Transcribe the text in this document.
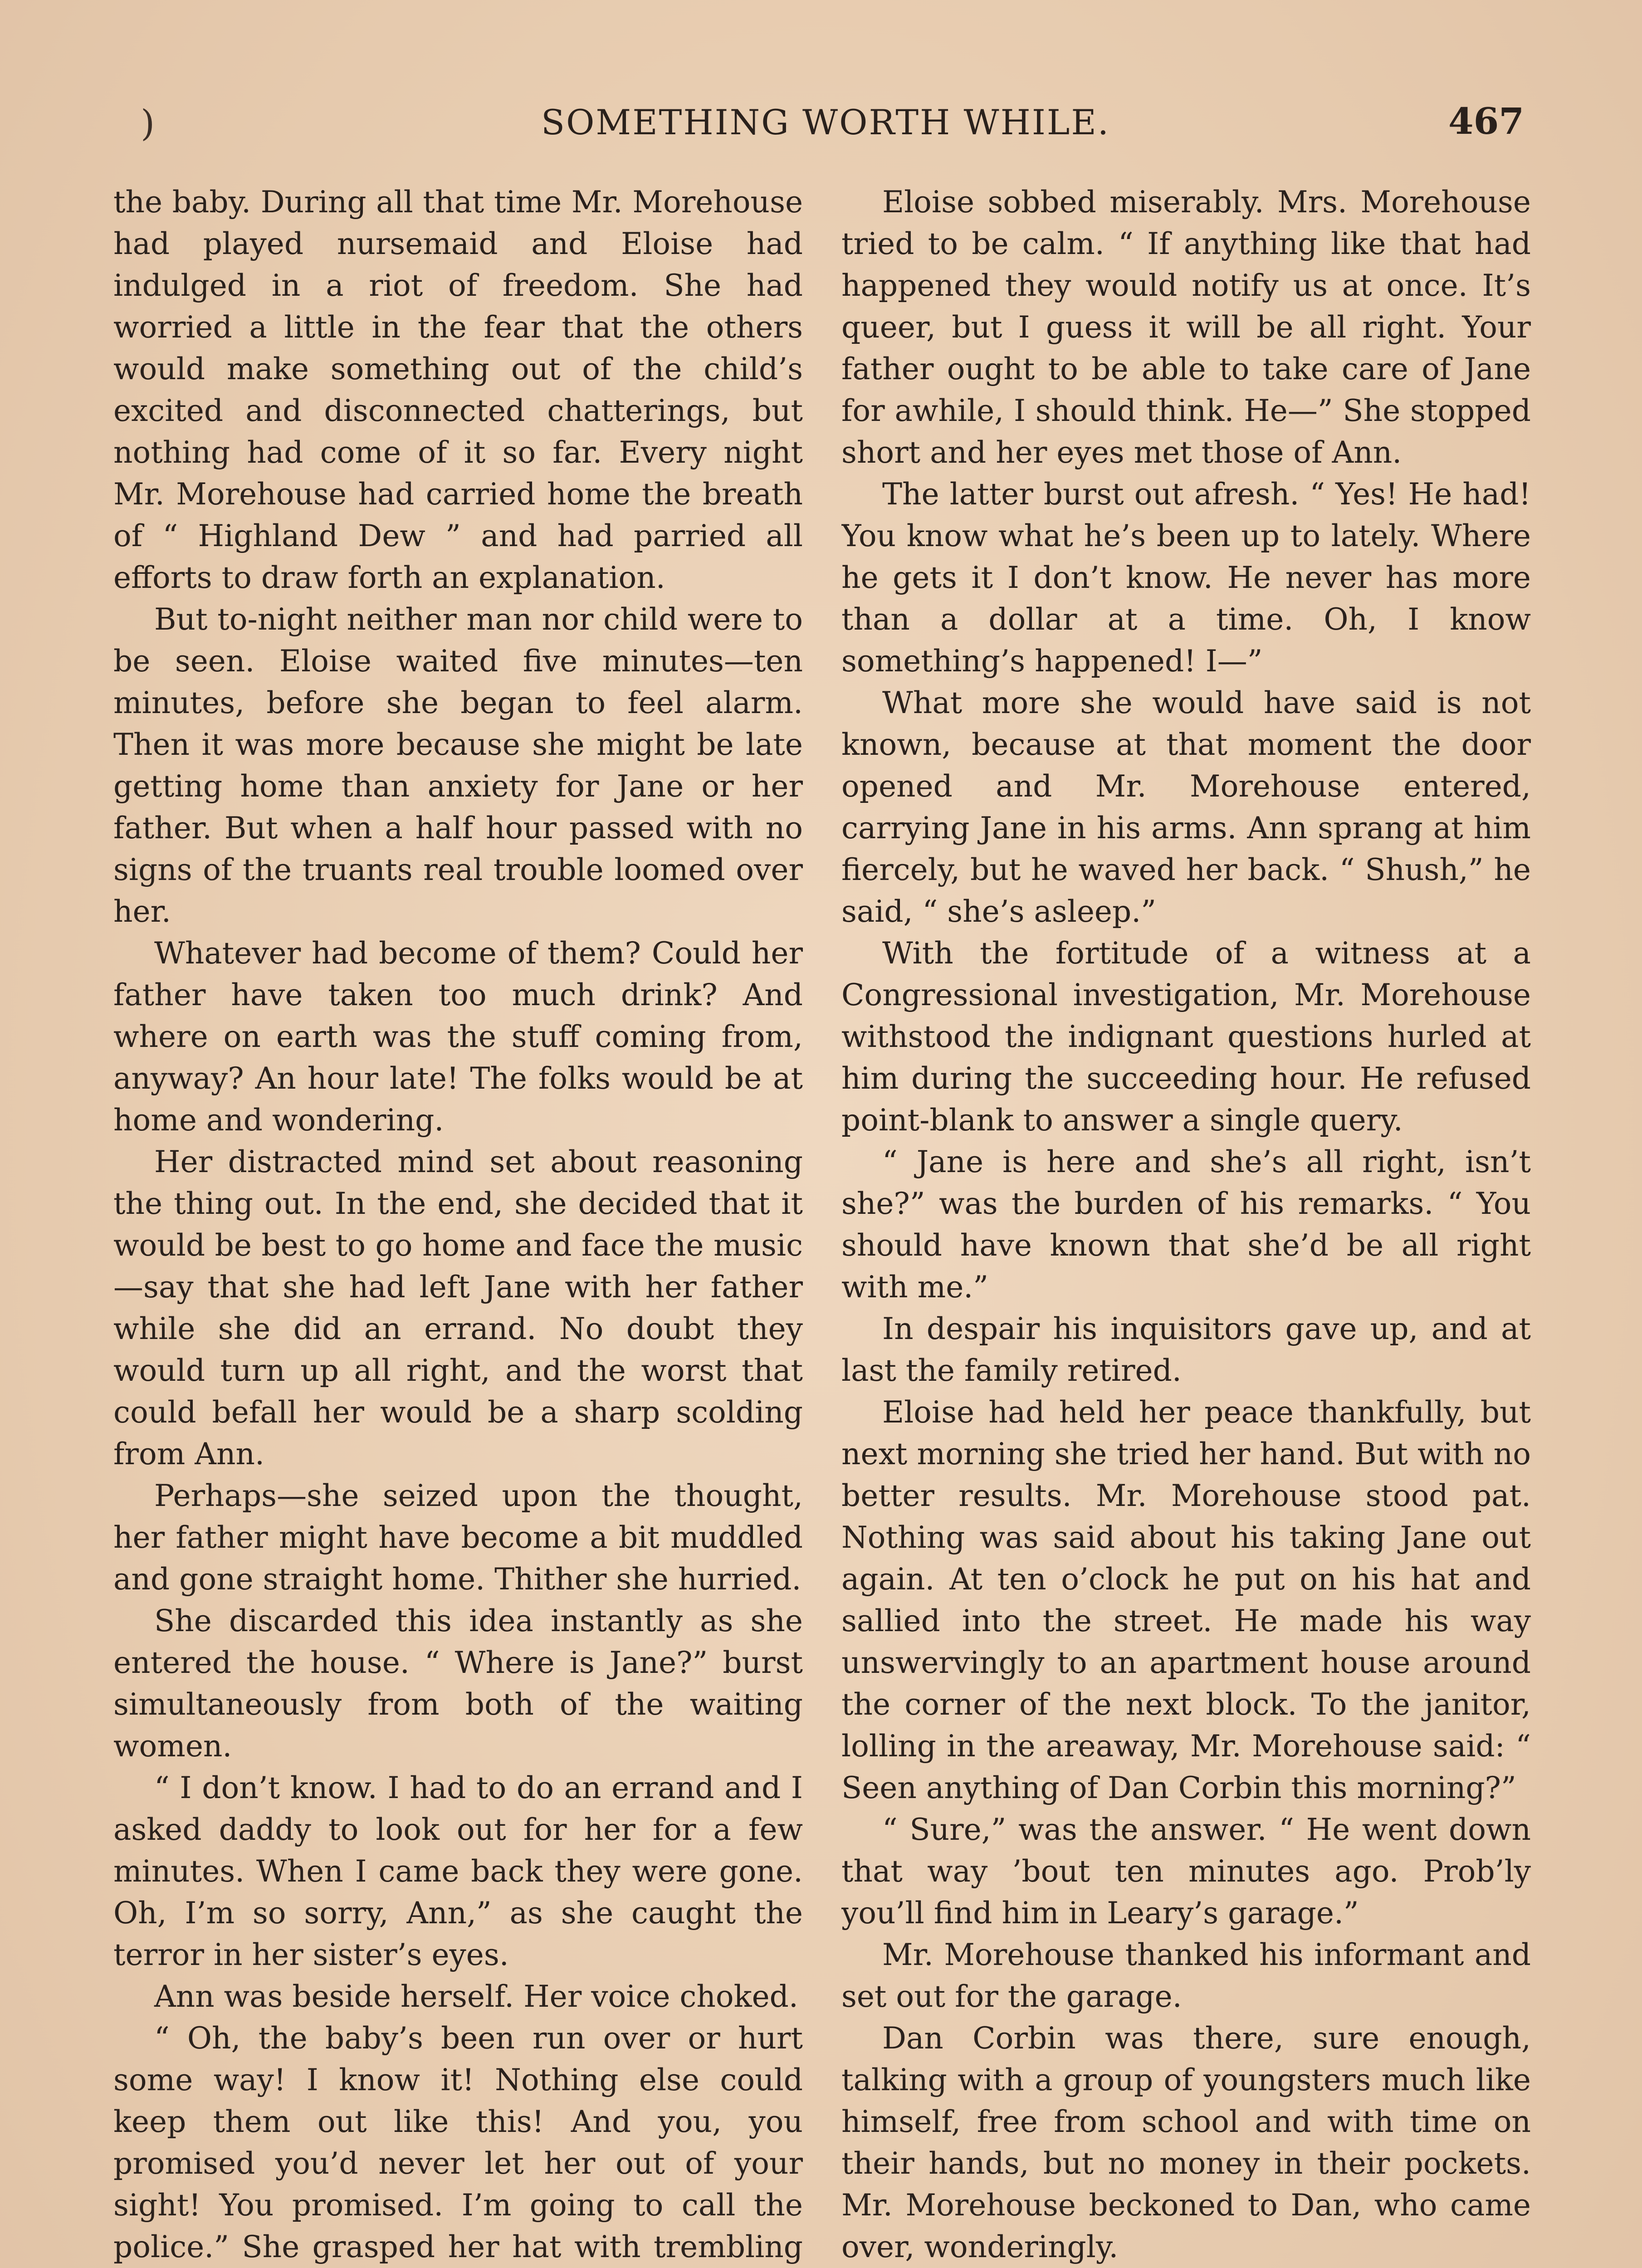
)	SOMETHING WORTH WHILE.	467

the baby. During all that time Mr. Morehouse had played nursemaid and Eloise had indulged in a riot of freedom. She had worried a little in the fear that the others would make something out of the child’s excited and disconnected chatterings, but nothing had come of it so far. Every night Mr. Morehouse had carried home the breath of “ Highland Dew ” and had parried all efforts to draw forth an explanation.

But to-night neither man nor child were to be seen. Eloise waited five minutes—ten minutes, before she began to feel alarm. Then it was more because she might be late getting home than anxiety for Jane or her father. But when a half hour passed with no signs of the truants real trouble loomed over her.

Whatever had become of them? Could her father have taken too much drink? And where on earth was the stuff coming from, anyway? An hour late! The folks would be at home and wondering.

Her distracted mind set about reasoning the thing out. In the end, she decided that it would be best to go home and face the music—say that she had left Jane with her father while she did an errand. No doubt they would turn up all right, and the worst that could befall her would be a sharp scolding from Ann.

Perhaps—she seized upon the thought, her father might have become a bit muddled and gone straight home. Thither she hurried.

She discarded this idea instantly as she entered the house. “ Where is Jane?” burst simultaneously from both of the waiting women.

“ I don’t know. I had to do an errand and I asked daddy to look out for her for a few minutes. When I came back they were gone. Oh, I’m so sorry, Ann,” as she caught the terror in her sister’s eyes.

Ann was beside herself. Her voice choked.

“ Oh, the baby’s been run over or hurt some way! I know it! Nothing else could keep them out like this! And you, you promised you’d never let her out of your sight! You promised. I’m going to call the police.” She grasped her hat with trembling

Eloise sobbed miserably. Mrs. Morehouse tried to be calm. “ If anything like that had happened they would notify us at once. It’s queer, but I guess it will be all right. Your father ought to be able to take care of Jane for awhile, I should think. He—” She stopped short and her eyes met those of Ann.

The latter burst out afresh. “ Yes! He had! You know what he’s been up to lately. Where he gets it I don’t know. He never has more than a dollar at a time. Oh, I know something’s happened! I—”

What more she would have said is not known, because at that moment the door opened and Mr. Morehouse entered, carrying Jane in his arms. Ann sprang at him fiercely, but he waved her back. “ Shush,” he said, “ she’s asleep.”

With the fortitude of a witness at a Congressional investigation, Mr. Morehouse withstood the indignant questions hurled at him during the succeeding hour. He refused point-blank to answer a single query.

“ Jane is here and she’s all right, isn’t she?” was the burden of his remarks. “ You should have known that she’d be all right with me.”

In despair his inquisitors gave up, and at last the family retired.

Eloise had held her peace thankfully, but next morning she tried her hand. But with no better results. Mr. Morehouse stood pat. Nothing was said about his taking Jane out again. At ten o’clock he put on his hat and sallied into the street. He made his way unswervingly to an apartment house around the corner of the next block. To the janitor, lolling in the areaway, Mr. Morehouse said: “ Seen anything of Dan Corbin this morning?”

“ Sure,” was the answer. “ He went down that way ’bout ten minutes ago. Prob’ly you’ll find him in Leary’s garage.”

Mr. Morehouse thanked his informant and set out for the garage.

Dan Corbin was there, sure enough, talking with a group of youngsters much like himself, free from school and with time on their hands, but no money in their pockets. Mr. Morehouse beckoned to Dan, who came over, wonderingly.
